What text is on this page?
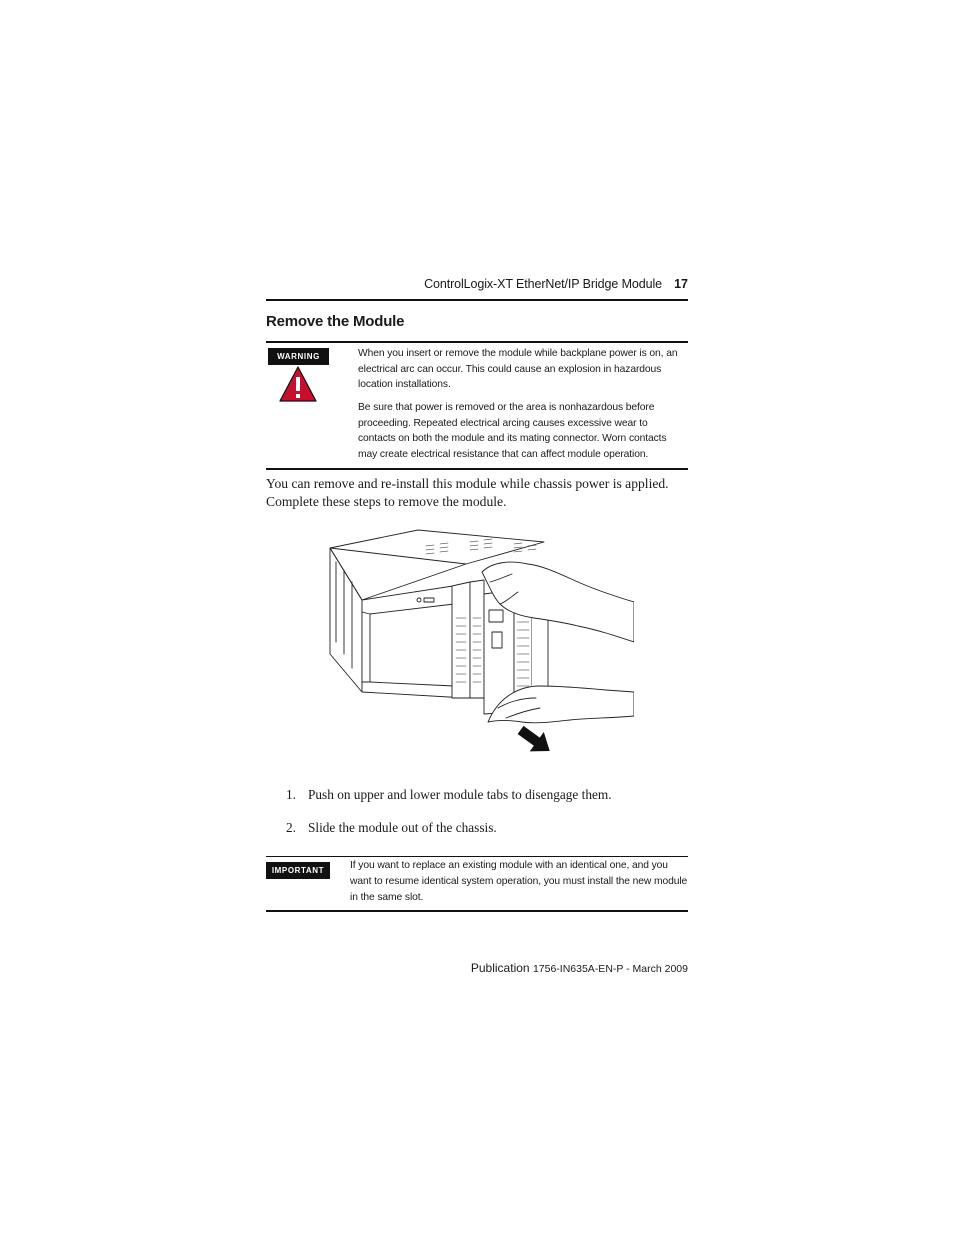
ControlLogix-XT EtherNet/IP Bridge Module 17
Remove the Module
WARNING	When you insert or remove the module while backplane power is on, an electrical arc can occur. This could cause an explosion in hazardous location installations.
Be sure that power is removed or the area is nonhazardous before proceeding. Repeated electrical arcing causes excessive wear to contacts on both the module and its mating connector. Worn contacts may create electrical resistance that can affect module operation.
You can remove and re-install this module while chassis power is applied. Complete these steps to remove the module.
1. Push on upper and lower module tabs to disengage them.
2. Slide the module out of the chassis.
IMPORTANT	If you want to replace an existing module with an identical one, and you want to resume identical system operation, you must install the new module in the same slot.
Publication 1756-IN635A-EN-P - March 2009
